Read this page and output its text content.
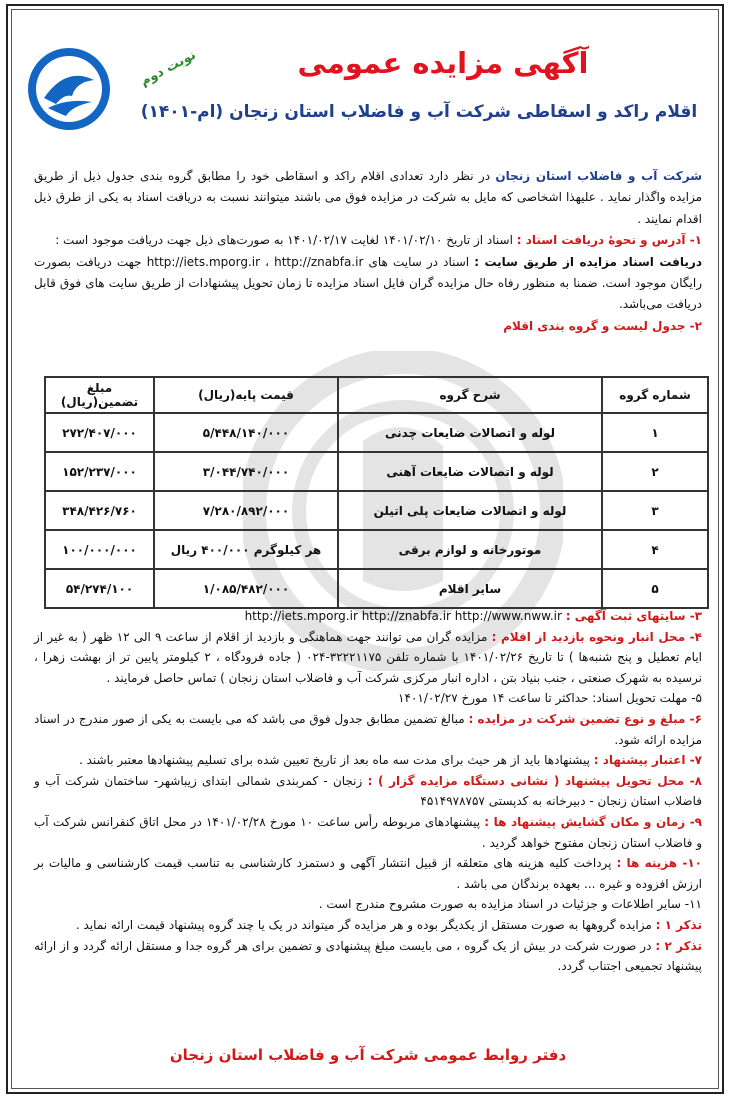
نوبت دوم	آگهی مزایده عمومی
اقلام راکد و اسقاطی شرکت آب و فاضلاب استان زنجان (ام-۱۴۰۱)

شرکت آب و فاضلاب استان زنجان در نظر دارد تعدادی اقلام راکد و اسقاطی خود را مطابق گروه بندی جدول ذیل از طریق مزایده واگذار نماید . علیهذا اشخاصی که مایل به شرکت در مزایده فوق می باشند میتوانند نسبت به دریافت اسناد به یکی از طرق ذیل اقدام نمایند .

۱- آدرس و نحوۀ دریافت اسناد : اسناد از تاریخ ۱۴۰۱/۰۲/۱۰ لغایت ۱۴۰۱/۰۲/۱۷ به صورت‌های ذیل جهت دریافت موجود است :

دریافت اسناد مزایده از طریق سایت : اسناد در سایت های http://iets.mporg.ir ، http://znabfa.ir جهت دریافت بصورت رایگان موجود است. ضمنا به منظور رفاه حال مزایده گران فایل اسناد مزایده تا زمان تحویل پیشنهادات از طریق سایت های فوق قابل دریافت می‌باشد.

۲- جدول لیست و گروه بندی اقلام

شماره گروه	شرح گروه	قیمت پایه(ریال)	مبلغ تضمین(ریال)
۱	لوله و اتصالات ضایعات چدنی	۵/۴۴۸/۱۴۰/۰۰۰	۲۷۲/۴۰۷/۰۰۰
۲	لوله و اتصالات ضایعات آهنی	۳/۰۴۴/۷۴۰/۰۰۰	۱۵۲/۲۳۷/۰۰۰
۳	لوله و اتصالات ضایعات پلی اتیلن	۷/۲۸۰/۸۹۲/۰۰۰	۳۴۸/۴۲۶/۷۶۰
۴	موتورخانه و لوازم برقی	هر کیلوگرم ۴۰۰/۰۰۰ ریال	۱۰۰/۰۰۰/۰۰۰
۵	سایر اقلام	۱/۰۸۵/۴۸۲/۰۰۰	۵۴/۲۷۴/۱۰۰

۳- سایتهای ثبت آگهی : http://iets.mporg.ir http://znabfa.ir http://www.nww.ir

۴- محل انبار ونحوه بازدید از اقلام : مزایده گران می توانند جهت هماهنگی و بازدید از اقلام از ساعت ۹ الی ۱۲ ظهر ( به غیر از ایام تعطیل و پنج شنبه‌ها ) تا تاریخ ۱۴۰۱/۰۲/۲۶ با شماره تلفن ۳۲۲۲۱۱۷۵-۰۲۴ ( جاده فرودگاه ، ۲ کیلومتر پایین تر از بهشت زهرا ، نرسیده به شهرک صنعتی ، جنب بنیاد بتن ، اداره انبار مرکزی شرکت آب و فاضلاب استان زنجان ) تماس حاصل فرمایند .

۵- مهلت تحویل اسناد: حداکثر تا ساعت ۱۴ مورخ ۱۴۰۱/۰۲/۲۷

۶- مبلغ و نوع تضمین شرکت در مزایده : مبالغ تضمین مطابق جدول فوق می باشد که می بایست به یکی از صور مندرج در اسناد مزایده ارائه شود.

۷- اعتبار پیشنهاد : پیشنهادها باید از هر حیث برای مدت سه ماه بعد از تاریخ تعیین شده برای تسلیم پیشنهادها معتبر باشند .

۸- محل تحویل پیشنهاد ( نشانی دستگاه مزایده گزار ) : زنجان - کمربندی شمالی ابتدای زیباشهر- ساختمان شرکت آب و فاضلاب استان زنجان - دبیرخانه به کدپستی ۴۵۱۴۹۷۸۷۵۷

۹- زمان و مکان گشایش پیشنهاد ها : پیشنهادهای مربوطه رأس ساعت ۱۰ مورخ ۱۴۰۱/۰۲/۲۸ در محل اتاق کنفرانس شرکت آب و فاضلاب استان زنجان مفتوح خواهد گردید .

۱۰- هزینه ها : پرداخت کلیه هزینه های متعلقه از قبیل انتشار آگهی و دستمزد کارشناسی به تناسب قیمت کارشناسی و مالیات بر ارزش افزوده و غیره ... بعهده برندگان می باشد .

۱۱- سایر اطلاعات و جزئیات در اسناد مزایده به صورت مشروح مندرج است .

تذکر ۱ : مزایده گروهها به صورت مستقل از یکدیگر بوده و هر مزایده گر میتواند در یک یا چند گروه پیشنهاد قیمت ارائه نماید .

تذکر ۲ : در صورت شرکت در بیش از یک گروه ، می بایست مبلغ پیشنهادی و تضمین برای هر گروه جدا و مستقل ارائه گردد و از ارائه پیشنهاد تجمیعی اجتناب گردد.

دفتر روابط عمومی شرکت آب و فاضلاب استان زنجان
